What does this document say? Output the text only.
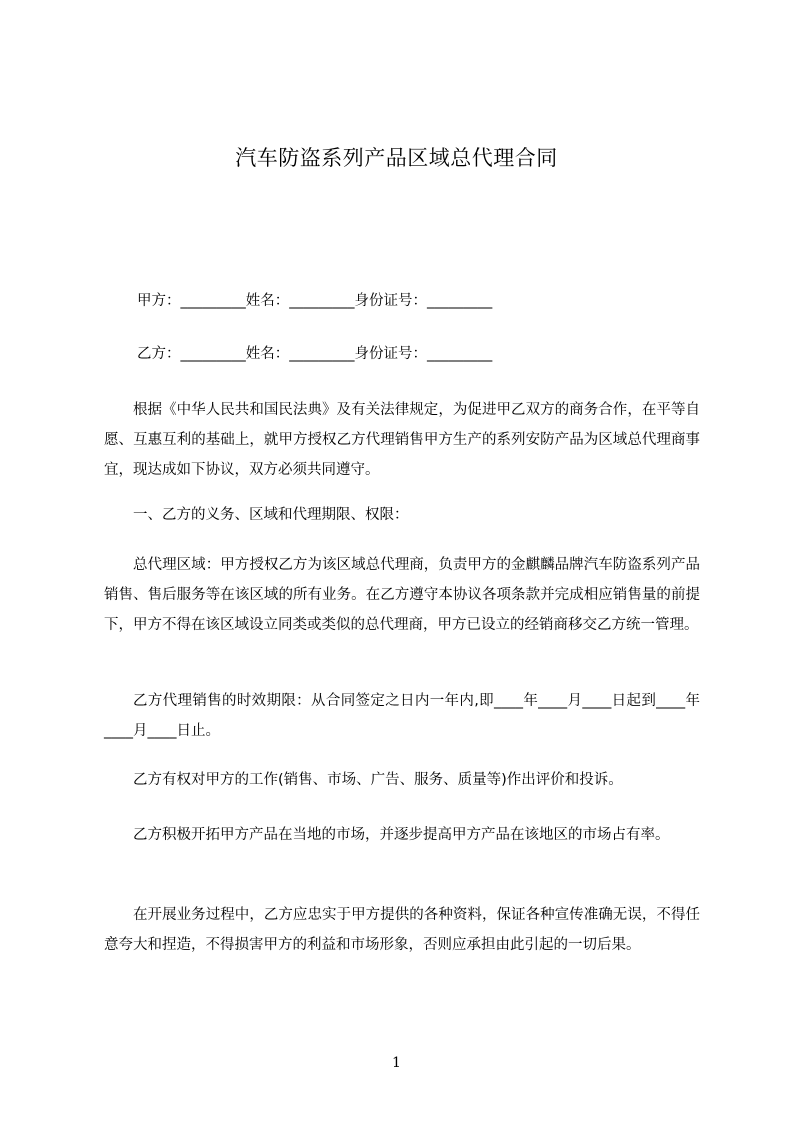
汽车防盗系列产品区域总代理合同
甲方：_________姓名：_________身份证号：_________
乙方：_________姓名：_________身份证号：_________
根据《中华人民共和国民法典》及有关法律规定，为促进甲乙双方的商务合作，在平等自愿、互惠互利的基础上，就甲方授权乙方代理销售甲方生产的系列安防产品为区域总代理商事宜，现达成如下协议，双方必须共同遵守。
一、乙方的义务、区域和代理期限、权限：
总代理区域：甲方授权乙方为该区域总代理商，负责甲方的金麒麟品牌汽车防盗系列产品销售、售后服务等在该区域的所有业务。在乙方遵守本协议各项条款并完成相应销售量的前提下，甲方不得在该区域设立同类或类似的总代理商，甲方已设立的经销商移交乙方统一管理。
乙方代理销售的时效期限：从合同签定之日内一年内,即____年____月____日起到____年____月____日止。
乙方有权对甲方的工作(销售、市场、广告、服务、质量等)作出评价和投诉。
乙方积极开拓甲方产品在当地的市场，并逐步提高甲方产品在该地区的市场占有率。
在开展业务过程中，乙方应忠实于甲方提供的各种资料，保证各种宣传准确无误，不得任意夸大和捏造，不得损害甲方的利益和市场形象，否则应承担由此引起的一切后果。
1
